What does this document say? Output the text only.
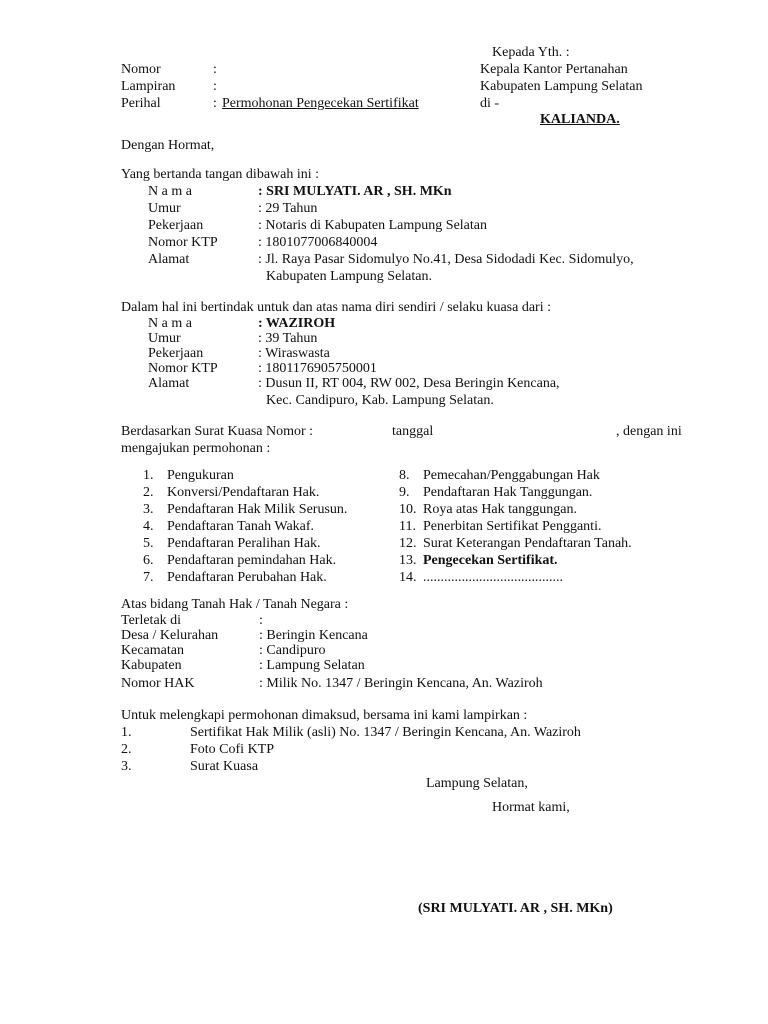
Kepada Yth. :
Kepala Kantor Pertanahan
Kabupaten Lampung Selatan
di -
KALIANDA.
Nomor	:
Lampiran	:
Perihal	: Permohonan Pengecekan Sertifikat
Dengan Hormat,
Yang bertanda tangan dibawah ini :
N a m a	: SRI MULYATI. AR , SH. MKn
Umur	: 29 Tahun
Pekerjaan	: Notaris di Kabupaten Lampung Selatan
Nomor KTP	: 1801077006840004
Alamat	: Jl. Raya Pasar Sidomulyo No.41, Desa Sidodadi Kec. Sidomulyo,
Kabupaten Lampung Selatan.
Dalam hal ini bertindak untuk dan atas nama diri sendiri / selaku kuasa dari :
N a m a	: WAZIROH
Umur	: 39 Tahun
Pekerjaan	: Wiraswasta
Nomor KTP	: 1801176905750001
Alamat	: Dusun II, RT 004, RW 002, Desa Beringin Kencana,
Kec. Candipuro, Kab. Lampung Selatan.
Berdasarkan Surat Kuasa Nomor :	tanggal	, dengan ini
mengajukan permohonan :
1. Pengukuran
2. Konversi/Pendaftaran Hak.
3. Pendaftaran Hak Milik Serusun.
4. Pendaftaran Tanah Wakaf.
5. Pendaftaran Peralihan Hak.
6. Pendaftaran pemindahan Hak.
7. Pendaftaran Perubahan Hak.
8. Pemecahan/Penggabungan Hak
9. Pendaftaran Hak Tanggungan.
10. Roya atas Hak tanggungan.
11. Penerbitan Sertifikat Pengganti.
12. Surat Keterangan Pendaftaran Tanah.
13. Pengecekan Sertifikat.
14. ........................................
Atas bidang Tanah Hak / Tanah Negara :
Terletak di	:
Desa / Kelurahan	: Beringin Kencana
Kecamatan	: Candipuro
Kabupaten	: Lampung Selatan
Nomor HAK	: Milik No. 1347 / Beringin Kencana, An. Waziroh
Untuk melengkapi permohonan dimaksud, bersama ini kami lampirkan :
1.	Sertifikat Hak Milik (asli) No. 1347 / Beringin Kencana, An. Waziroh
2.	Foto Cofi KTP
3.	Surat Kuasa
Lampung Selatan,
Hormat kami,
(SRI MULYATI. AR , SH. MKn)
